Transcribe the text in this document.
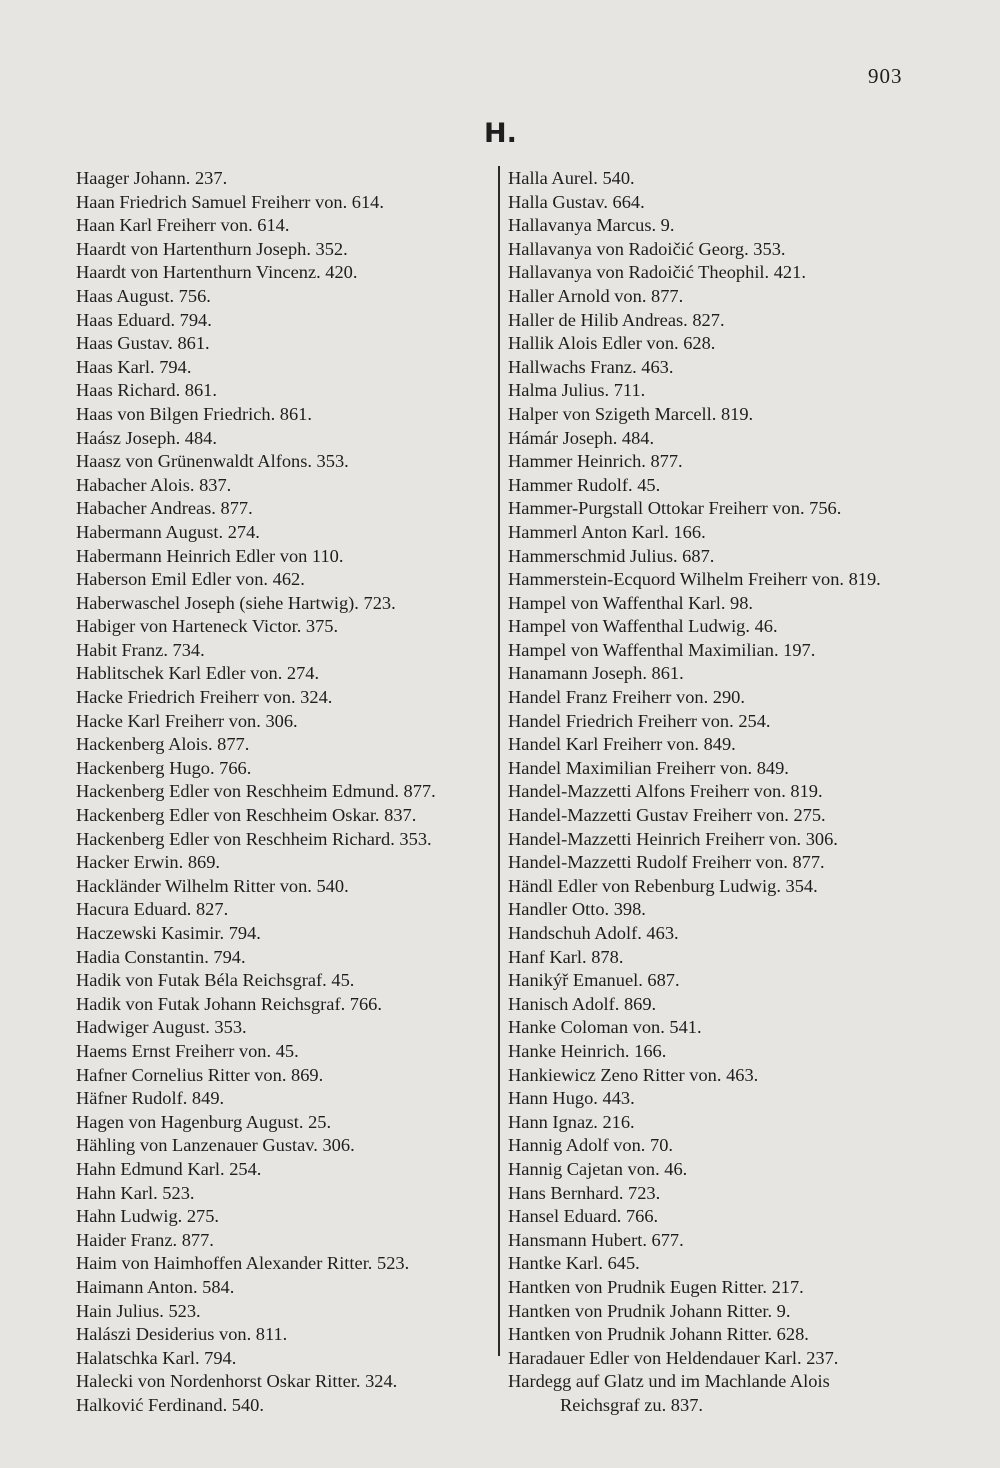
903
H.
Haager Johann. 237.
Haan Friedrich Samuel Freiherr von. 614.
Haan Karl Freiherr von. 614.
Haardt von Hartenthurn Joseph. 352.
Haardt von Hartenthurn Vincenz. 420.
Haas August. 756.
Haas Eduard. 794.
Haas Gustav. 861.
Haas Karl. 794.
Haas Richard. 861.
Haas von Bilgen Friedrich. 861.
Haász Joseph. 484.
Haasz von Grünenwaldt Alfons. 353.
Habacher Alois. 837.
Habacher Andreas. 877.
Habermann August. 274.
Habermann Heinrich Edler von 110.
Haberson Emil Edler von. 462.
Haberwaschel Joseph (siehe Hartwig). 723.
Habiger von Harteneck Victor. 375.
Habit Franz. 734.
Hablitschek Karl Edler von. 274.
Hacke Friedrich Freiherr von. 324.
Hacke Karl Freiherr von. 306.
Hackenberg Alois. 877.
Hackenberg Hugo. 766.
Hackenberg Edler von Reschheim Edmund. 877.
Hackenberg Edler von Reschheim Oskar. 837.
Hackenberg Edler von Reschheim Richard. 353.
Hacker Erwin. 869.
Hackländer Wilhelm Ritter von. 540.
Hacura Eduard. 827.
Haczewski Kasimir. 794.
Hadia Constantin. 794.
Hadik von Futak Béla Reichsgraf. 45.
Hadik von Futak Johann Reichsgraf. 766.
Hadwiger August. 353.
Haems Ernst Freiherr von. 45.
Hafner Cornelius Ritter von. 869.
Häfner Rudolf. 849.
Hagen von Hagenburg August. 25.
Hähling von Lanzenauer Gustav. 306.
Hahn Edmund Karl. 254.
Hahn Karl. 523.
Hahn Ludwig. 275.
Haider Franz. 877.
Haim von Haimhoffen Alexander Ritter. 523.
Haimann Anton. 584.
Hain Julius. 523.
Halászi Desiderius von. 811.
Halatschka Karl. 794.
Halecki von Nordenhorst Oskar Ritter. 324.
Halković Ferdinand. 540.
Halla Aurel. 540.
Halla Gustav. 664.
Hallavanya Marcus. 9.
Hallavanya von Radoičić Georg. 353.
Hallavanya von Radoičić Theophil. 421.
Haller Arnold von. 877.
Haller de Hilib Andreas. 827.
Hallik Alois Edler von. 628.
Hallwachs Franz. 463.
Halma Julius. 711.
Halper von Szigeth Marcell. 819.
Hámár Joseph. 484.
Hammer Heinrich. 877.
Hammer Rudolf. 45.
Hammer-Purgstall Ottokar Freiherr von. 756.
Hammerl Anton Karl. 166.
Hammerschmid Julius. 687.
Hammerstein-Ecquord Wilhelm Freiherr von. 819.
Hampel von Waffenthal Karl. 98.
Hampel von Waffenthal Ludwig. 46.
Hampel von Waffenthal Maximilian. 197.
Hanamann Joseph. 861.
Handel Franz Freiherr von. 290.
Handel Friedrich Freiherr von. 254.
Handel Karl Freiherr von. 849.
Handel Maximilian Freiherr von. 849.
Handel-Mazzetti Alfons Freiherr von. 819.
Handel-Mazzetti Gustav Freiherr von. 275.
Handel-Mazzetti Heinrich Freiherr von. 306.
Handel-Mazzetti Rudolf Freiherr von. 877.
Händl Edler von Rebenburg Ludwig. 354.
Handler Otto. 398.
Handschuh Adolf. 463.
Hanf Karl. 878.
Hanikýř Emanuel. 687.
Hanisch Adolf. 869.
Hanke Coloman von. 541.
Hanke Heinrich. 166.
Hankiewicz Zeno Ritter von. 463.
Hann Hugo. 443.
Hann Ignaz. 216.
Hannig Adolf von. 70.
Hannig Cajetan von. 46.
Hans Bernhard. 723.
Hansel Eduard. 766.
Hansmann Hubert. 677.
Hantke Karl. 645.
Hantken von Prudnik Eugen Ritter. 217.
Hantken von Prudnik Johann Ritter. 9.
Hantken von Prudnik Johann Ritter. 628.
Haradauer Edler von Heldendauer Karl. 237.
Hardegg auf Glatz und im Machlande Alois
Reichsgraf zu. 837.
